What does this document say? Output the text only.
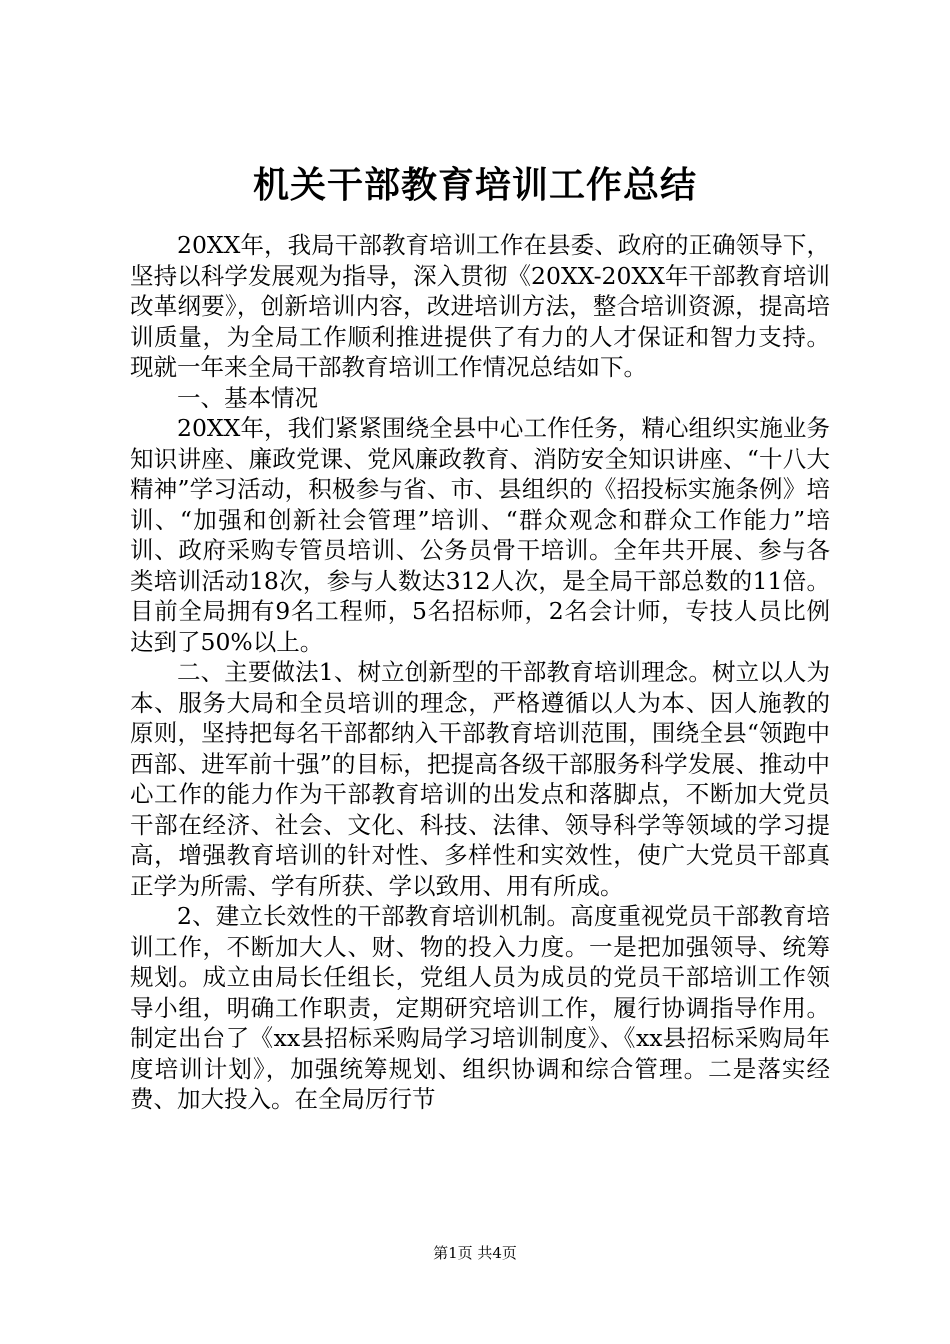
机关干部教育培训工作总结

20XX年，我局干部教育培训工作在县委、政府的正确领导下，坚持以科学发展观为指导，深入贯彻《20XX-20XX年干部教育培训改革纲要》，创新培训内容，改进培训方法，整合培训资源，提高培训质量，为全局工作顺利推进提供了有力的人才保证和智力支持。现就一年来全局干部教育培训工作情况总结如下。

一、基本情况

20XX年，我们紧紧围绕全县中心工作任务，精心组织实施业务知识讲座、廉政党课、党风廉政教育、消防安全知识讲座、“十八大精神”学习活动，积极参与省、市、县组织的《招投标实施条例》培训、“加强和创新社会管理”培训、“群众观念和群众工作能力”培训、政府采购专管员培训、公务员骨干培训。全年共开展、参与各类培训活动18次，参与人数达312人次，是全局干部总数的11倍。目前全局拥有9名工程师，5名招标师，2名会计师，专技人员比例达到了50%以上。

二、主要做法1、树立创新型的干部教育培训理念。树立以人为本、服务大局和全员培训的理念，严格遵循以人为本、因人施教的原则，坚持把每名干部都纳入干部教育培训范围，围绕全县“领跑中西部、进军前十强”的目标，把提高各级干部服务科学发展、推动中心工作的能力作为干部教育培训的出发点和落脚点，不断加大党员干部在经济、社会、文化、科技、法律、领导科学等领域的学习提高，增强教育培训的针对性、多样性和实效性，使广大党员干部真正学为所需、学有所获、学以致用、用有所成。

2、建立长效性的干部教育培训机制。高度重视党员干部教育培训工作，不断加大人、财、物的投入力度。一是把加强领导、统筹规划。成立由局长任组长，党组人员为成员的党员干部培训工作领导小组，明确工作职责，定期研究培训工作，履行协调指导作用。制定出台了《xx县招标采购局学习培训制度》、《xx县招标采购局年度培训计划》，加强统筹规划、组织协调和综合管理。二是落实经费、加大投入。在全局厉行节

第1页 共4页
